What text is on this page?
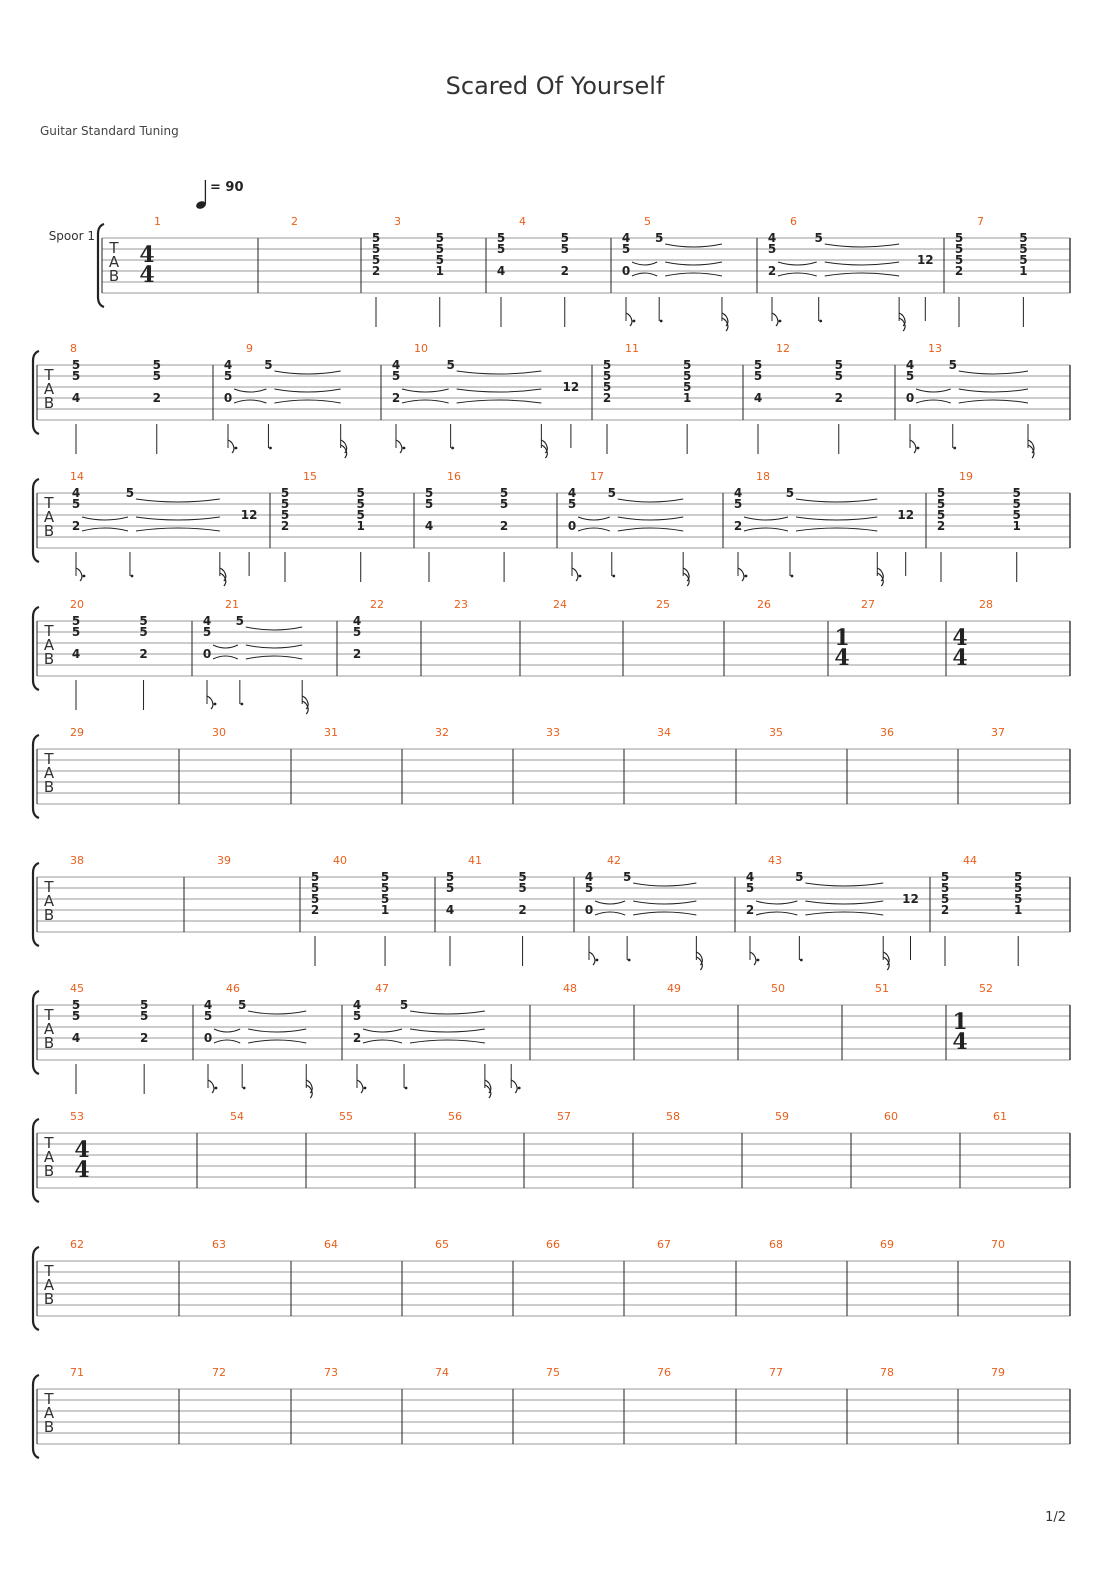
Scared Of Yourself
Guitar Standard Tuning
= 90
T
A
B
Spoor 1
1
4
4
2	3
5
5
5
2
5
5
5
1
4
5
5
4
5
5
2
5
4
5
0
5
6
4
5
2
5
12
7
5
5
5
2
5
5
5
1
T
A
B
8
5
5
4
5
5
2
9
4
5
0
5
10
4
5
2
5
12
11
5
5
5
2
5
5
5
1
12
5
5
4
5
5
2
13
4
5
0
5
T
A
B
14
4
5
2
5
12
15
5
5
5
2
5
5
5
1
16
5
5
4
5
5
2
17
4
5
0
5
18
4
5
2
5
12
19
5
5
5
2
5
5
5
1
T
A
B
20
5
5
4
5
5
2
21
4
5
0
5
22
4
5
2
23	24	25	26	27
1
4
28
4
4
T
A
B
29	30	31	32	33	34	35	36	37
T
A
B
38	39	40
5
5
5
2
5
5
5
1
41
5
5
4
5
5
2
42
4
5
0
5
43
4
5
2
5
12
44
5
5
5
2
5
5
5
1
T
A
B
45
5
5
4
5
5
2
46
4
5
0
5
47
4
5
2
5
48	49	50	51	52
1
4
T
A
B
53
4
4
54	55	56	57	58	59	60	61
T
A
B
62	63	64	65	66	67	68	69	70
T
A
B
71	72	73	74	75	76	77	78	79
1/2
